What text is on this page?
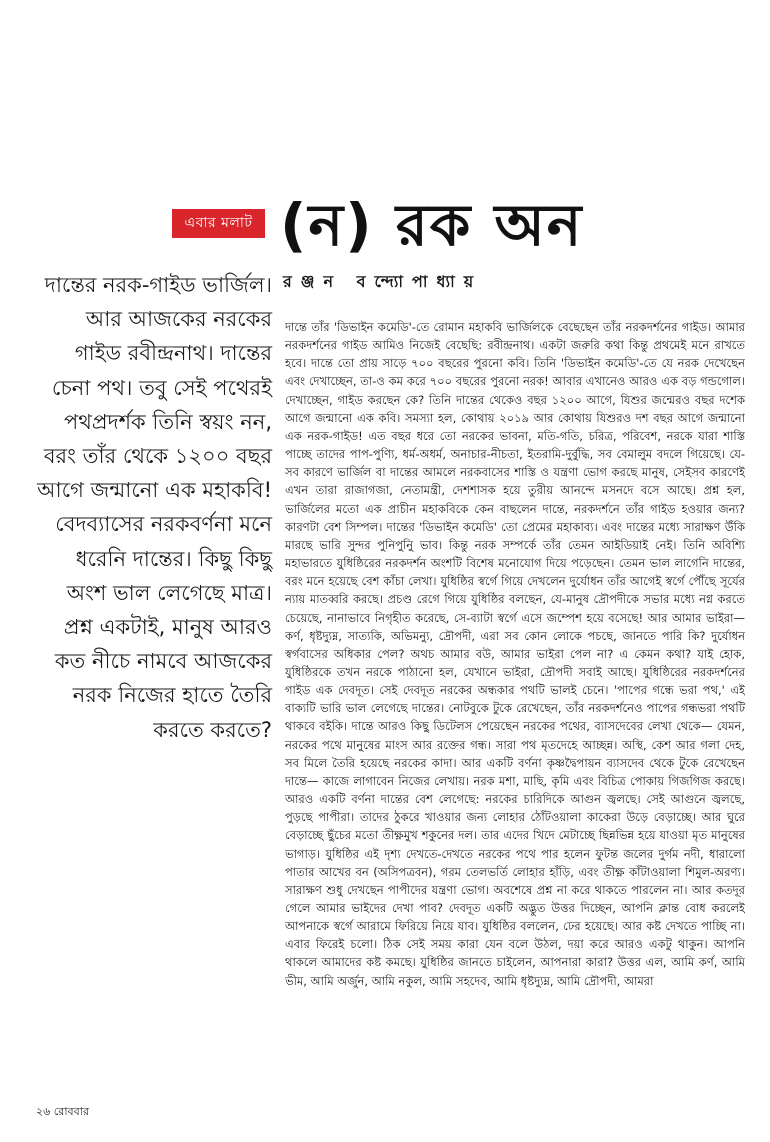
এবার মলাট (ন) রক অন
রঞ্জন বন্দ্যোপাধ্যায়
দান্তের নরক-গাইড ভার্জিল। আর আজকের নরকের গাইড রবীন্দ্রনাথ। দান্তের চেনা পথ। তবু সেই পথেরই পথপ্রদর্শক তিনি স্বয়ং নন, বরং তাঁর থেকে ১২০০ বছর আগে জন্মানো এক মহাকবি! বেদব্যাসের নরকবর্ণনা মনে ধরেনি দান্তের। কিছু কিছু অংশ ভাল লেগেছে মাত্র। প্রশ্ন একটাই, মানুষ আরও কত নীচে নামবে আজকের নরক নিজের হাতে তৈরি করতে করতে?
দান্তে তাঁর 'ডিভাইন কমেডি'-তে রোমান মহাকবি ভার্জিলকে বেছেছেন তাঁর নরকদর্শনের গাইড। আমার নরকদর্শনের গাইড আমিও নিজেই বেছেছি: রবীন্দ্রনাথ। একটা জরুরি কথা কিন্তু প্রথমেই মনে রাখতে হবে। দান্তে তো প্রায় সাড়ে ৭০০ বছরের পুরনো কবি। তিনি 'ডিভাইন কমেডি'-তে যে নরক দেখেছেন এবং দেখাচ্ছেন, তা-ও কম করে ৭০০ বছরের পুরনো নরক! আবার এখানেও আরও এক বড় গন্ডগোল। দেখাচ্ছেন, গাইড করছেন কে? তিনি দান্তের থেকেও বছর ১২০০ আগে, যিশুর জন্মেরও বছর দশেক আগে জন্মানো এক কবি। সমস্যা হল, কোথায় ২০১৯ আর কোথায় যিশুরও দশ বছর আগে জন্মানো এক নরক-গাইড! এত বছর ধরে তো নরকের ভাবনা, মতি-গতি, চরিত্র, পরিবেশ, নরকে যারা শাস্তি পাচ্ছে তাদের পাপ-পুণ্যি, ধর্ম-অধর্ম, অনাচার-নীচতা, ইতরামি-দুর্বুদ্ধি, সব বেমালুম বদলে গিয়েছে। যে-সব কারণে ভার্জিল বা দান্তের আমলে নরকবাসের শাস্তি ও যন্ত্রণা ভোগ করছে মানুষ, সেইসব কারণেই এখন তারা রাজাগজা, নেতামন্ত্রী, দেশশাসক হয়ে তুরীয় আনন্দে মসনদে বসে আছে। প্রশ্ন হল, ভার্জিলের মতো এক প্রাচীন মহাকবিকে কেন বাছলেন দান্তে, নরকদর্শনে তাঁর গাইড হওয়ার জন্য? কারণটা বেশ সিম্পল। দান্তের 'ডিভাইন কমেডি' তো প্রেমের মহাকাব্য। এবং দান্তের মধ্যে সারাক্ষণ উঁকি মারছে ভারি সুন্দর পুনিপুনিু ভাব। কিন্তু নরক সম্পর্কে তাঁর তেমন আইডিয়াই নেই। তিনি অবিশ্যি মহাভারতে যুধিষ্ঠিরের নরকদর্শন অংশটি বিশেষ মনোযোগ দিয়ে পড়েছেন। তেমন ভাল লাগেনি দান্তের, বরং মনে হয়েছে বেশ কাঁচা লেখা। যুধিষ্ঠির স্বর্গে গিয়ে দেখলেন দুর্যোধন তাঁর আগেই স্বর্গে পৌঁছে সূর্যের ন্যায় মাতব্বরি করছে। প্রচণ্ড রেগে গিয়ে যুধিষ্ঠির বলছেন, যে-মানুষ দ্রৌপদীকে সভার মধ্যে নগ্ন করতে চেয়েছে, নানাভাবে নিগৃহীত করেছে, সে-ব্যাটা স্বর্গে এসে জম্পেশ হয়ে বসেছে! আর আমার ভাইরা— কর্ণ, ধৃষ্টদ্যুম্ন, সাত্যকি, অভিমন্যু, দ্রৌপদী, এরা সব কোন লোকে পচছে, জানতে পারি কি? দুর্যোধন স্বর্গবাসের অধিকার পেল? অথচ আমার বউ, আমার ভাইরা পেল না? এ কেমন কথা? যাই হোক, যুধিষ্ঠিরকে তখন নরকে পাঠানো হল, যেখানে ভাইরা, দ্রৌপদী সবাই আছে। যুধিষ্ঠিরের নরকদর্শনের গাইড এক দেবদূত। সেই দেবদূত নরকের অন্ধকার পথটি ভালই চেনে। 'পাপের গন্ধে ভরা পথ,' এই বাক্যটি ভারি ভাল লেগেছে দান্তের। নোটবুকে টুকে রেখেছেন, তাঁর নরকদর্শনেও পাপের গন্ধভরা পথটি থাকবে বইকি। দান্তে আরও কিছু ডিটেলস পেয়েছেন নরকের পথের, ব্যাসদেবের লেখা থেকে— যেমন, নরকের পথে মানুষের মাংস আর রক্তের গন্ধ। সারা পথ মৃতদেহে আচ্ছন্ন। অস্থি, কেশ আর গলা দেহ, সব মিলে তৈরি হয়েছে নরকের কাদা। আর একটি বর্ণনা কৃষ্ণদ্বৈপায়ন ব্যাসদেব থেকে টুকে রেখেছেন দান্তে— কাজে লাগাবেন নিজের লেখায়। নরক মশা, মাছি, কৃমি এবং বিচিত্র পোকায় গিজগিজ করছে। আরও একটি বর্ণনা দান্তের বেশ লেগেছে: নরকের চারিদিকে আগুন জ্বলছে। সেই আগুনে জ্বলছে, পুড়ছে পাপীরা। তাদের ঠুকরে খাওয়ার জন্য লোহার ঠোঁটওয়ালা কাকেরা উড়ে বেড়াচ্ছে। আর ঘুরে বেড়াচ্ছে ছুঁচের মতো তীক্ষ্ণমুখ শকুনের দল। তার এদের খিদে মেটাচ্ছে ছিন্নভিন্ন হয়ে যাওয়া মৃত মানুষের ভাগাড়। যুধিষ্ঠির এই দৃশ্য দেখতে-দেখতে নরকের পথে পার হলেন ফুটন্ত জলের দুর্গম নদী, ধারালো পাতার আখের বন (অসিপত্রবন), গরম তেলভর্তি লোহার হাঁড়ি, এবং তীক্ষ্ণ কাঁটাওয়ালা শিমুল-অরণ্য। সারাক্ষণ শুধু দেখছেন পাপীদের যন্ত্রণা ভোগ। অবশেষে প্রশ্ন না করে থাকতে পারলেন না। আর কতদূর গেলে আমার ভাইদের দেখা পাব? দেবদূত একটি অদ্ভুত উত্তর দিচ্ছেন, আপনি ক্লান্ত বোধ করলেই আপনাকে স্বর্গে আরামে ফিরিয়ে নিয়ে যাব। যুধিষ্ঠির বললেন, ঢের হয়েছে। আর কষ্ট দেখতে পাচ্ছি না। এবার ফিরেই চলো। ঠিক সেই সময় কারা যেন বলে উঠল, দয়া করে আরও একটু থাকুন। আপনি থাকলে আমাদের কষ্ট কমছে। যুধিষ্ঠির জানতে চাইলেন, আপনারা কারা? উত্তর এল, আমি কর্ণ, আমি ভীম, আমি অর্জুন, আমি নকুল, আমি সহদেব, আমি ধৃষ্টদ্যুম্ন, আমি দ্রৌপদী, আমরা
২৬ রোববার
